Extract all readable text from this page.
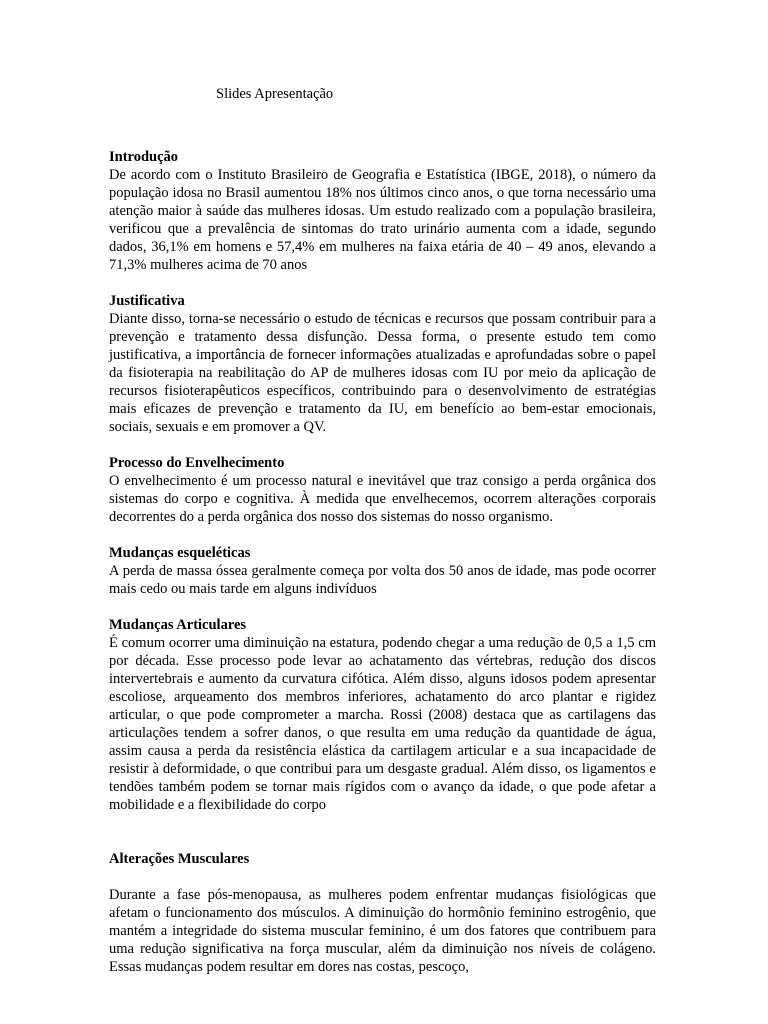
Slides Apresentação

Introdução

De acordo com o Instituto Brasileiro de Geografia e Estatística (IBGE, 2018), o número da população idosa no Brasil aumentou 18% nos últimos cinco anos, o que torna necessário uma atenção maior à saúde das mulheres idosas. Um estudo realizado com a população brasileira, verificou que a prevalência de sintomas do trato urinário aumenta com a idade, segundo dados, 36,1% em homens e 57,4% em mulheres na faixa etária de 40 – 49 anos, elevando a 71,3% mulheres acima de 70 anos

Justificativa

Diante disso, torna-se necessário o estudo de técnicas e recursos que possam contribuir para a prevenção e tratamento dessa disfunção. Dessa forma, o presente estudo tem como justificativa, a importância de fornecer informações atualizadas e aprofundadas sobre o papel da fisioterapia na reabilitação do AP de mulheres idosas com IU por meio da aplicação de recursos fisioterapêuticos específicos, contribuindo para o desenvolvimento de estratégias mais eficazes de prevenção e tratamento da IU, em benefício ao bem-estar emocionais, sociais, sexuais e em promover a QV.

Processo do Envelhecimento

O envelhecimento é um processo natural e inevitável que traz consigo a perda orgânica dos sistemas do corpo e cognitiva. À medida que envelhecemos, ocorrem alterações corporais decorrentes do a perda orgânica dos nosso dos sistemas do nosso organismo.

Mudanças esqueléticas

A perda de massa óssea geralmente começa por volta dos 50 anos de idade, mas pode ocorrer mais cedo ou mais tarde em alguns indivíduos

Mudanças Articulares

É comum ocorrer uma diminuição na estatura, podendo chegar a uma redução de 0,5 a 1,5 cm por década. Esse processo pode levar ao achatamento das vértebras, redução dos discos intervertebrais e aumento da curvatura cifótica. Além disso, alguns idosos podem apresentar escoliose, arqueamento dos membros inferiores, achatamento do arco plantar e rigidez articular, o que pode comprometer a marcha. Rossi (2008) destaca que as cartilagens das articulações tendem a sofrer danos, o que resulta em uma redução da quantidade de água, assim causa a perda da resistência elástica da cartilagem articular e a sua incapacidade de resistir à deformidade, o que contribui para um desgaste gradual. Além disso, os ligamentos e tendões também podem se tornar mais rígidos com o avanço da idade, o que pode afetar a mobilidade e a flexibilidade do corpo

Alterações Musculares

Durante a fase pós-menopausa, as mulheres podem enfrentar mudanças fisiológicas que afetam o funcionamento dos músculos. A diminuição do hormônio feminino estrogênio, que mantém a integridade do sistema muscular feminino, é um dos fatores que contribuem para uma redução significativa na força muscular, além da diminuição nos níveis de colágeno. Essas mudanças podem resultar em dores nas costas, pescoço,
